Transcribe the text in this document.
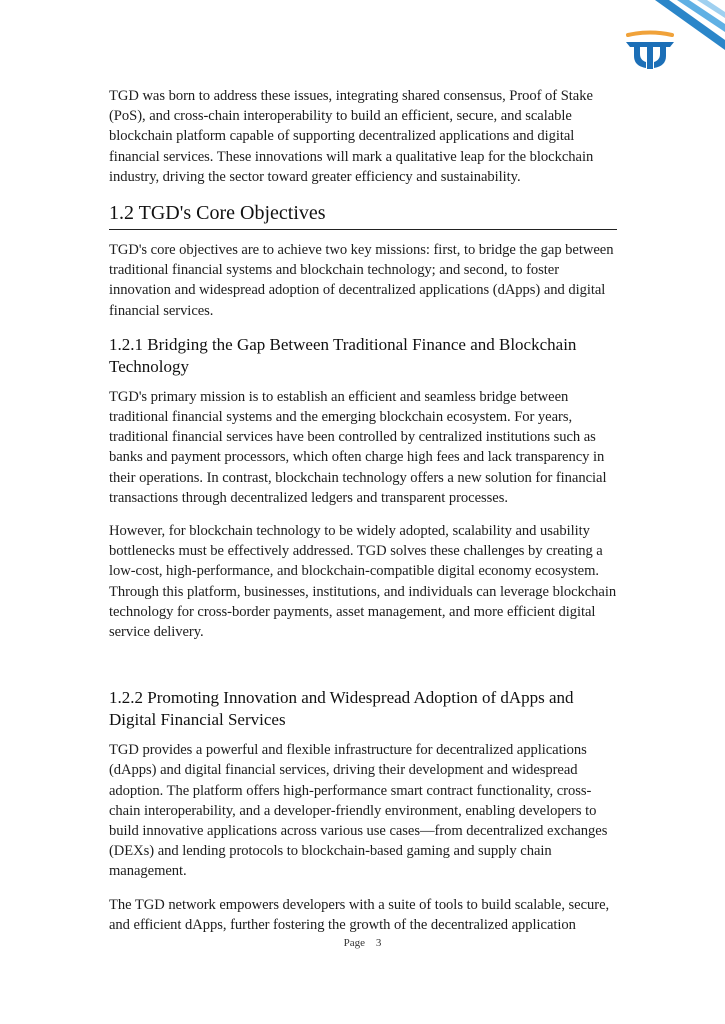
TGD was born to address these issues, integrating shared consensus, Proof of Stake (PoS), and cross-chain interoperability to build an efficient, secure, and scalable blockchain platform capable of supporting decentralized applications and digital financial services. These innovations will mark a qualitative leap for the blockchain industry, driving the sector toward greater efficiency and sustainability.

1.2 TGD's Core Objectives

TGD's core objectives are to achieve two key missions: first, to bridge the gap between traditional financial systems and blockchain technology; and second, to foster innovation and widespread adoption of decentralized applications (dApps) and digital financial services.

1.2.1 Bridging the Gap Between Traditional Finance and Blockchain Technology

TGD's primary mission is to establish an efficient and seamless bridge between traditional financial systems and the emerging blockchain ecosystem. For years, traditional financial services have been controlled by centralized institutions such as banks and payment processors, which often charge high fees and lack transparency in their operations. In contrast, blockchain technology offers a new solution for financial transactions through decentralized ledgers and transparent processes.

However, for blockchain technology to be widely adopted, scalability and usability bottlenecks must be effectively addressed. TGD solves these challenges by creating a low-cost, high-performance, and blockchain-compatible digital economy ecosystem. Through this platform, businesses, institutions, and individuals can leverage blockchain technology for cross-border payments, asset management, and more efficient digital service delivery.

1.2.2 Promoting Innovation and Widespread Adoption of dApps and Digital Financial Services

TGD provides a powerful and flexible infrastructure for decentralized applications (dApps) and digital financial services, driving their development and widespread adoption. The platform offers high-performance smart contract functionality, cross-chain interoperability, and a developer-friendly environment, enabling developers to build innovative applications across various use cases—from decentralized exchanges (DEXs) and lending protocols to blockchain-based gaming and supply chain management.

The TGD network empowers developers with a suite of tools to build scalable, secure, and efficient dApps, further fostering the growth of the decentralized application

Page 3
